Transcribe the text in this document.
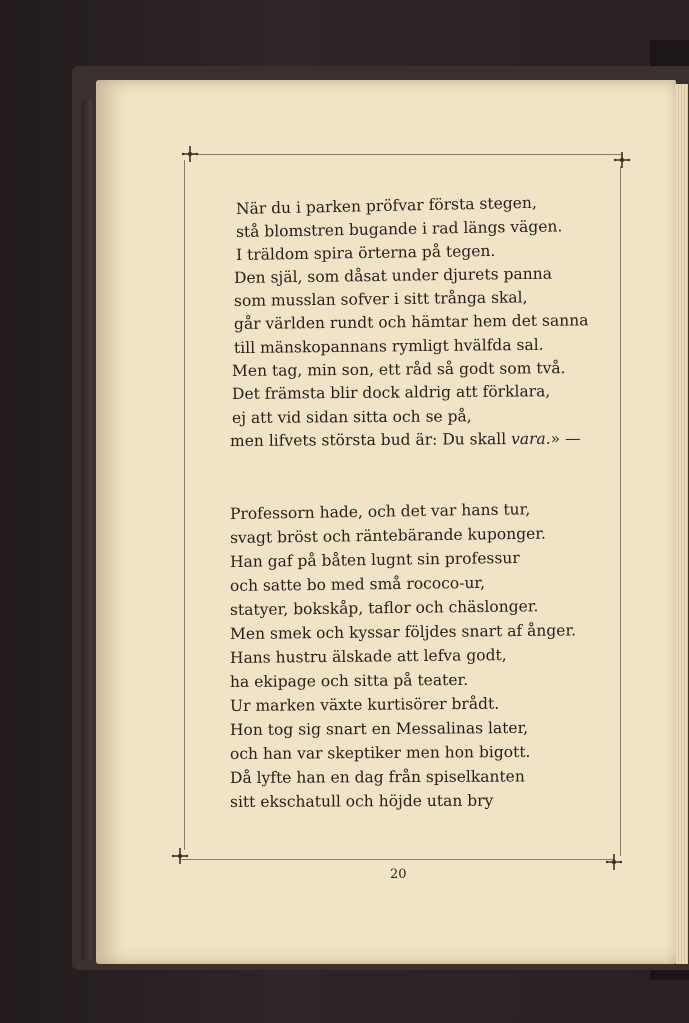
När du i parken pröfvar första stegen,
stå blomstren bugande i rad längs vägen.
I träldom spira örterna på tegen.
Den själ, som dåsat under djurets panna
som musslan sofver i sitt trånga skal,
går världen rundt och hämtar hem det sanna
till mänskopannans rymligt hvälfda sal.
Men tag, min son, ett råd så godt som två.
Det främsta blir dock aldrig att förklara,
ej att vid sidan sitta och se på,
men lifvets största bud är: Du skall vara.» —
Professorn hade, och det var hans tur,
svagt bröst och räntebärande kuponger.
Han gaf på båten lugnt sin professur
och satte bo med små rococo-ur,
statyer, bokskåp, taflor och chäslonger.
Men smek och kyssar följdes snart af ånger.
Hans hustru älskade att lefva godt,
ha ekipage och sitta på teater.
Ur marken växte kurtisörer brådt.
Hon tog sig snart en Messalinas later,
och han var skeptiker men hon bigott.
Då lyfte han en dag från spiselkanten
sitt ekschatull och höjde utan bry
20
